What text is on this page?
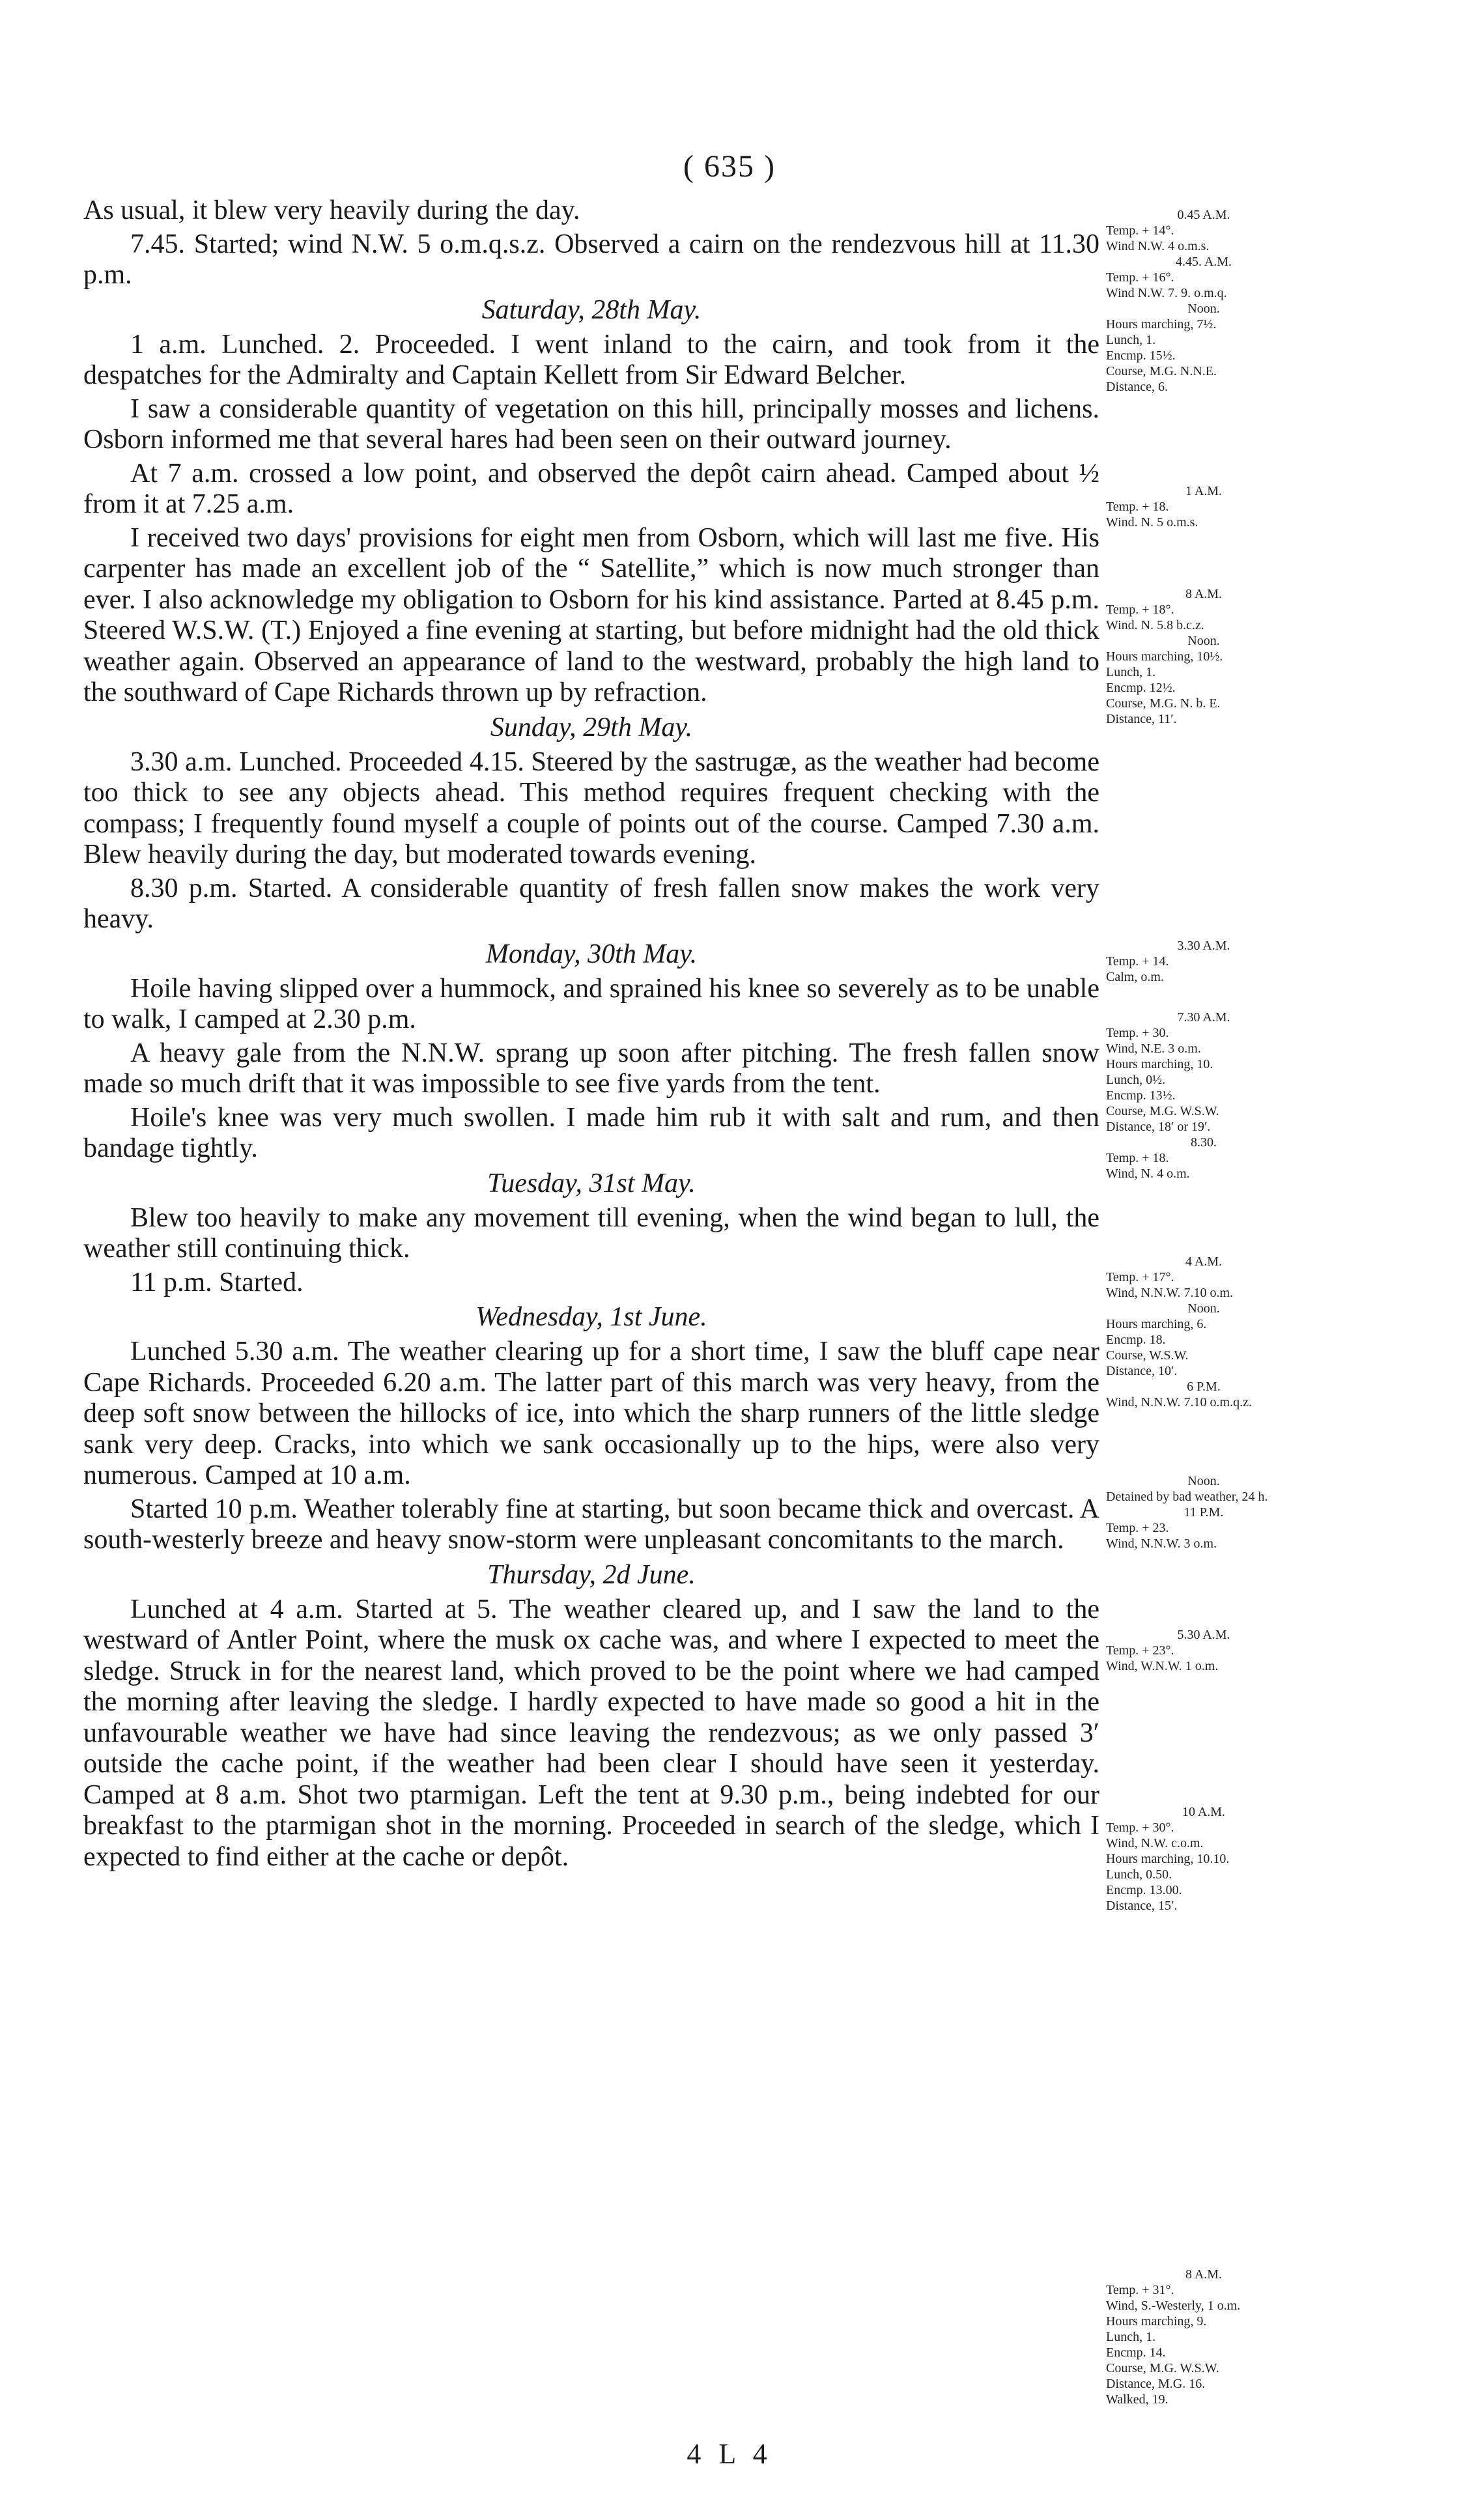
( 635 )

As usual, it blew very heavily during the day.

7.45. Started; wind N.W. 5 o.m.q.s.z. Observed a cairn on the rendezvous hill at 11.30 p.m.

Saturday, 28th May.

1 a.m. Lunched. 2. Proceeded. I went inland to the cairn, and took from it the despatches for the Admiralty and Captain Kellett from Sir Edward Belcher.

I saw a considerable quantity of vegetation on this hill, principally mosses and lichens. Osborn informed me that several hares had been seen on their outward journey.

At 7 a.m. crossed a low point, and observed the depôt cairn ahead. Camped about ½ from it at 7.25 a.m.

I received two days' provisions for eight men from Osborn, which will last me five. His carpenter has made an excellent job of the “ Satellite,” which is now much stronger than ever. I also acknowledge my obligation to Osborn for his kind assistance. Parted at 8.45 p.m. Steered W.S.W. (T.) Enjoyed a fine evening at starting, but before midnight had the old thick weather again. Observed an appearance of land to the westward, probably the high land to the southward of Cape Richards thrown up by refraction.

Sunday, 29th May.

3.30 a.m. Lunched. Proceeded 4.15. Steered by the sastrugæ, as the weather had become too thick to see any objects ahead. This method requires frequent checking with the compass; I frequently found myself a couple of points out of the course. Camped 7.30 a.m. Blew heavily during the day, but moderated towards evening.

8.30 p.m. Started. A considerable quantity of fresh fallen snow makes the work very heavy.

Monday, 30th May.

Hoile having slipped over a hummock, and sprained his knee so severely as to be unable to walk, I camped at 2.30 p.m.

A heavy gale from the N.N.W. sprang up soon after pitching. The fresh fallen snow made so much drift that it was impossible to see five yards from the tent.

Hoile's knee was very much swollen. I made him rub it with salt and rum, and then bandage tightly.

Tuesday, 31st May.

Blew too heavily to make any movement till evening, when the wind began to lull, the weather still continuing thick.

11 p.m. Started.

Wednesday, 1st June.

Lunched 5.30 a.m. The weather clearing up for a short time, I saw the bluff cape near Cape Richards. Proceeded 6.20 a.m. The latter part of this march was very heavy, from the deep soft snow between the hillocks of ice, into which the sharp runners of the little sledge sank very deep. Cracks, into which we sank occasionally up to the hips, were also very numerous. Camped at 10 a.m.

Started 10 p.m. Weather tolerably fine at starting, but soon became thick and overcast. A south-westerly breeze and heavy snow-storm were unpleasant concomitants to the march.

Thursday, 2d June.

Lunched at 4 a.m. Started at 5. The weather cleared up, and I saw the land to the westward of Antler Point, where the musk ox cache was, and where I expected to meet the sledge. Struck in for the nearest land, which proved to be the point where we had camped the morning after leaving the sledge. I hardly expected to have made so good a hit in the unfavourable weather we have had since leaving the rendezvous; as we only passed 3′ outside the cache point, if the weather had been clear I should have seen it yesterday. Camped at 8 a.m. Shot two ptarmigan. Left the tent at 9.30 p.m., being indebted for our breakfast to the ptarmigan shot in the morning. Proceeded in search of the sledge, which I expected to find either at the cache or depôt.

0.45 A.M.
Temp. + 14°.
Wind N.W. 4 o.m.s.
4.45. A.M.
Temp. + 16°.
Wind N.W. 7. 9. o.m.q.
Noon.
Hours marching, 7½.
Lunch, 1.
Encmp. 15½.
Course, M.G. N.N.E.
Distance, 6.
1 A.M.
Temp. + 18.
Wind. N. 5 o.m.s.
8 A.M.
Temp. + 18°.
Wind. N. 5.8 b.c.z.
Noon.
Hours marching, 10½.
Lunch, 1.
Encmp. 12½.
Course, M.G. N. b. E.
Distance, 11′.
3.30 A.M.
Temp. + 14.
Calm, o.m.
7.30 A.M.
Temp. + 30.
Wind, N.E. 3 o.m.
Hours marching, 10.
Lunch, 0½.
Encmp. 13½.
Course, M.G. W.S.W.
Distance, 18′ or 19′.
8.30.
Temp. + 18.
Wind, N. 4 o.m.
4 A.M.
Temp. + 17°.
Wind, N.N.W. 7.10 o.m.
Noon.
Hours marching, 6.
Encmp. 18.
Course, W.S.W.
Distance, 10′.
6 P.M.
Wind, N.N.W. 7.10 o.m.q.z.
Noon.
Detained by bad weather, 24 h.
11 P.M.
Temp. + 23.
Wind, N.N.W. 3 o.m.
5.30 A.M.
Temp. + 23°.
Wind, W.N.W. 1 o.m.
10 A.M.
Temp. + 30°.
Wind, N.W. c.o.m.
Hours marching, 10.10.
Lunch, 0.50.
Encmp. 13.00.
Distance, 15′.
8 A.M.
Temp. + 31°.
Wind, S.-Westerly, 1 o.m.
Hours marching, 9.
Lunch, 1.
Encmp. 14.
Course, M.G. W.S.W.
Distance, M.G. 16.
Walked, 19.
4 L 4
